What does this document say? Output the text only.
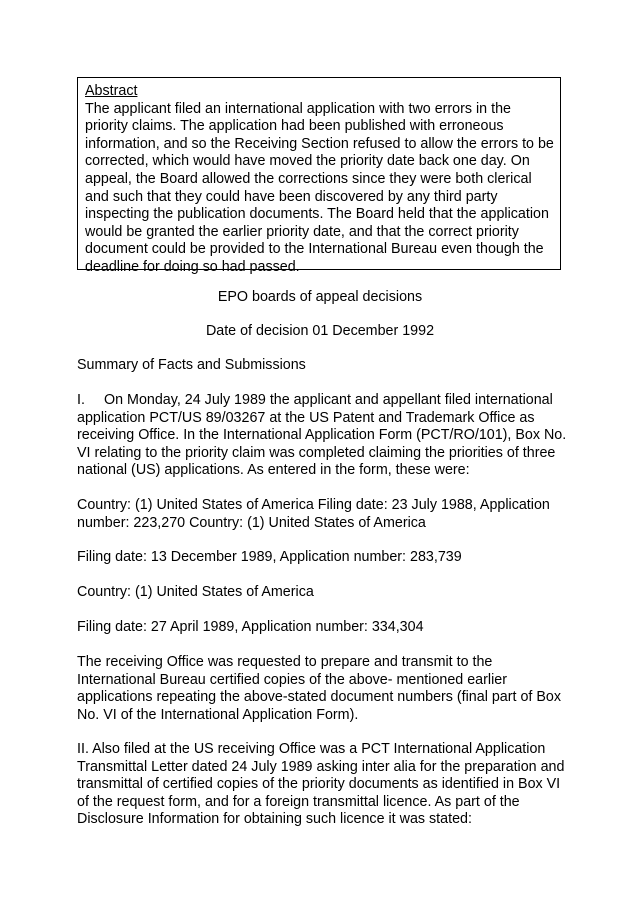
Abstract

The applicant filed an international application with two errors in the priority claims. The application had been published with erroneous information, and so the Receiving Section refused to allow the errors to be corrected, which would have moved the priority date back one day. On appeal, the Board allowed the corrections since they were both clerical and such that they could have been discovered by any third party inspecting the publication documents. The Board held that the application would be granted the earlier priority date, and that the correct priority document could be provided to the International Bureau even though the deadline for doing so had passed.

EPO boards of appeal decisions

Date of decision 01 December 1992

Summary of Facts and Submissions

I. On Monday, 24 July 1989 the applicant and appellant filed international application PCT/US 89/03267 at the US Patent and Trademark Office as receiving Office. In the International Application Form (PCT/RO/101), Box No. VI relating to the priority claim was completed claiming the priorities of three national (US) applications. As entered in the form, these were:

Country: (1) United States of America Filing date: 23 July 1988, Application number: 223,270 Country: (1) United States of America

Filing date: 13 December 1989, Application number: 283,739

Country: (1) United States of America

Filing date: 27 April 1989, Application number: 334,304

The receiving Office was requested to prepare and transmit to the International Bureau certified copies of the above- mentioned earlier applications repeating the above-stated document numbers (final part of Box No. VI of the International Application Form).

II. Also filed at the US receiving Office was a PCT International Application Transmittal Letter dated 24 July 1989 asking inter alia for the preparation and transmittal of certified copies of the priority documents as identified in Box VI of the request form, and for a foreign transmittal licence. As part of the Disclosure Information for obtaining such licence it was stated:
